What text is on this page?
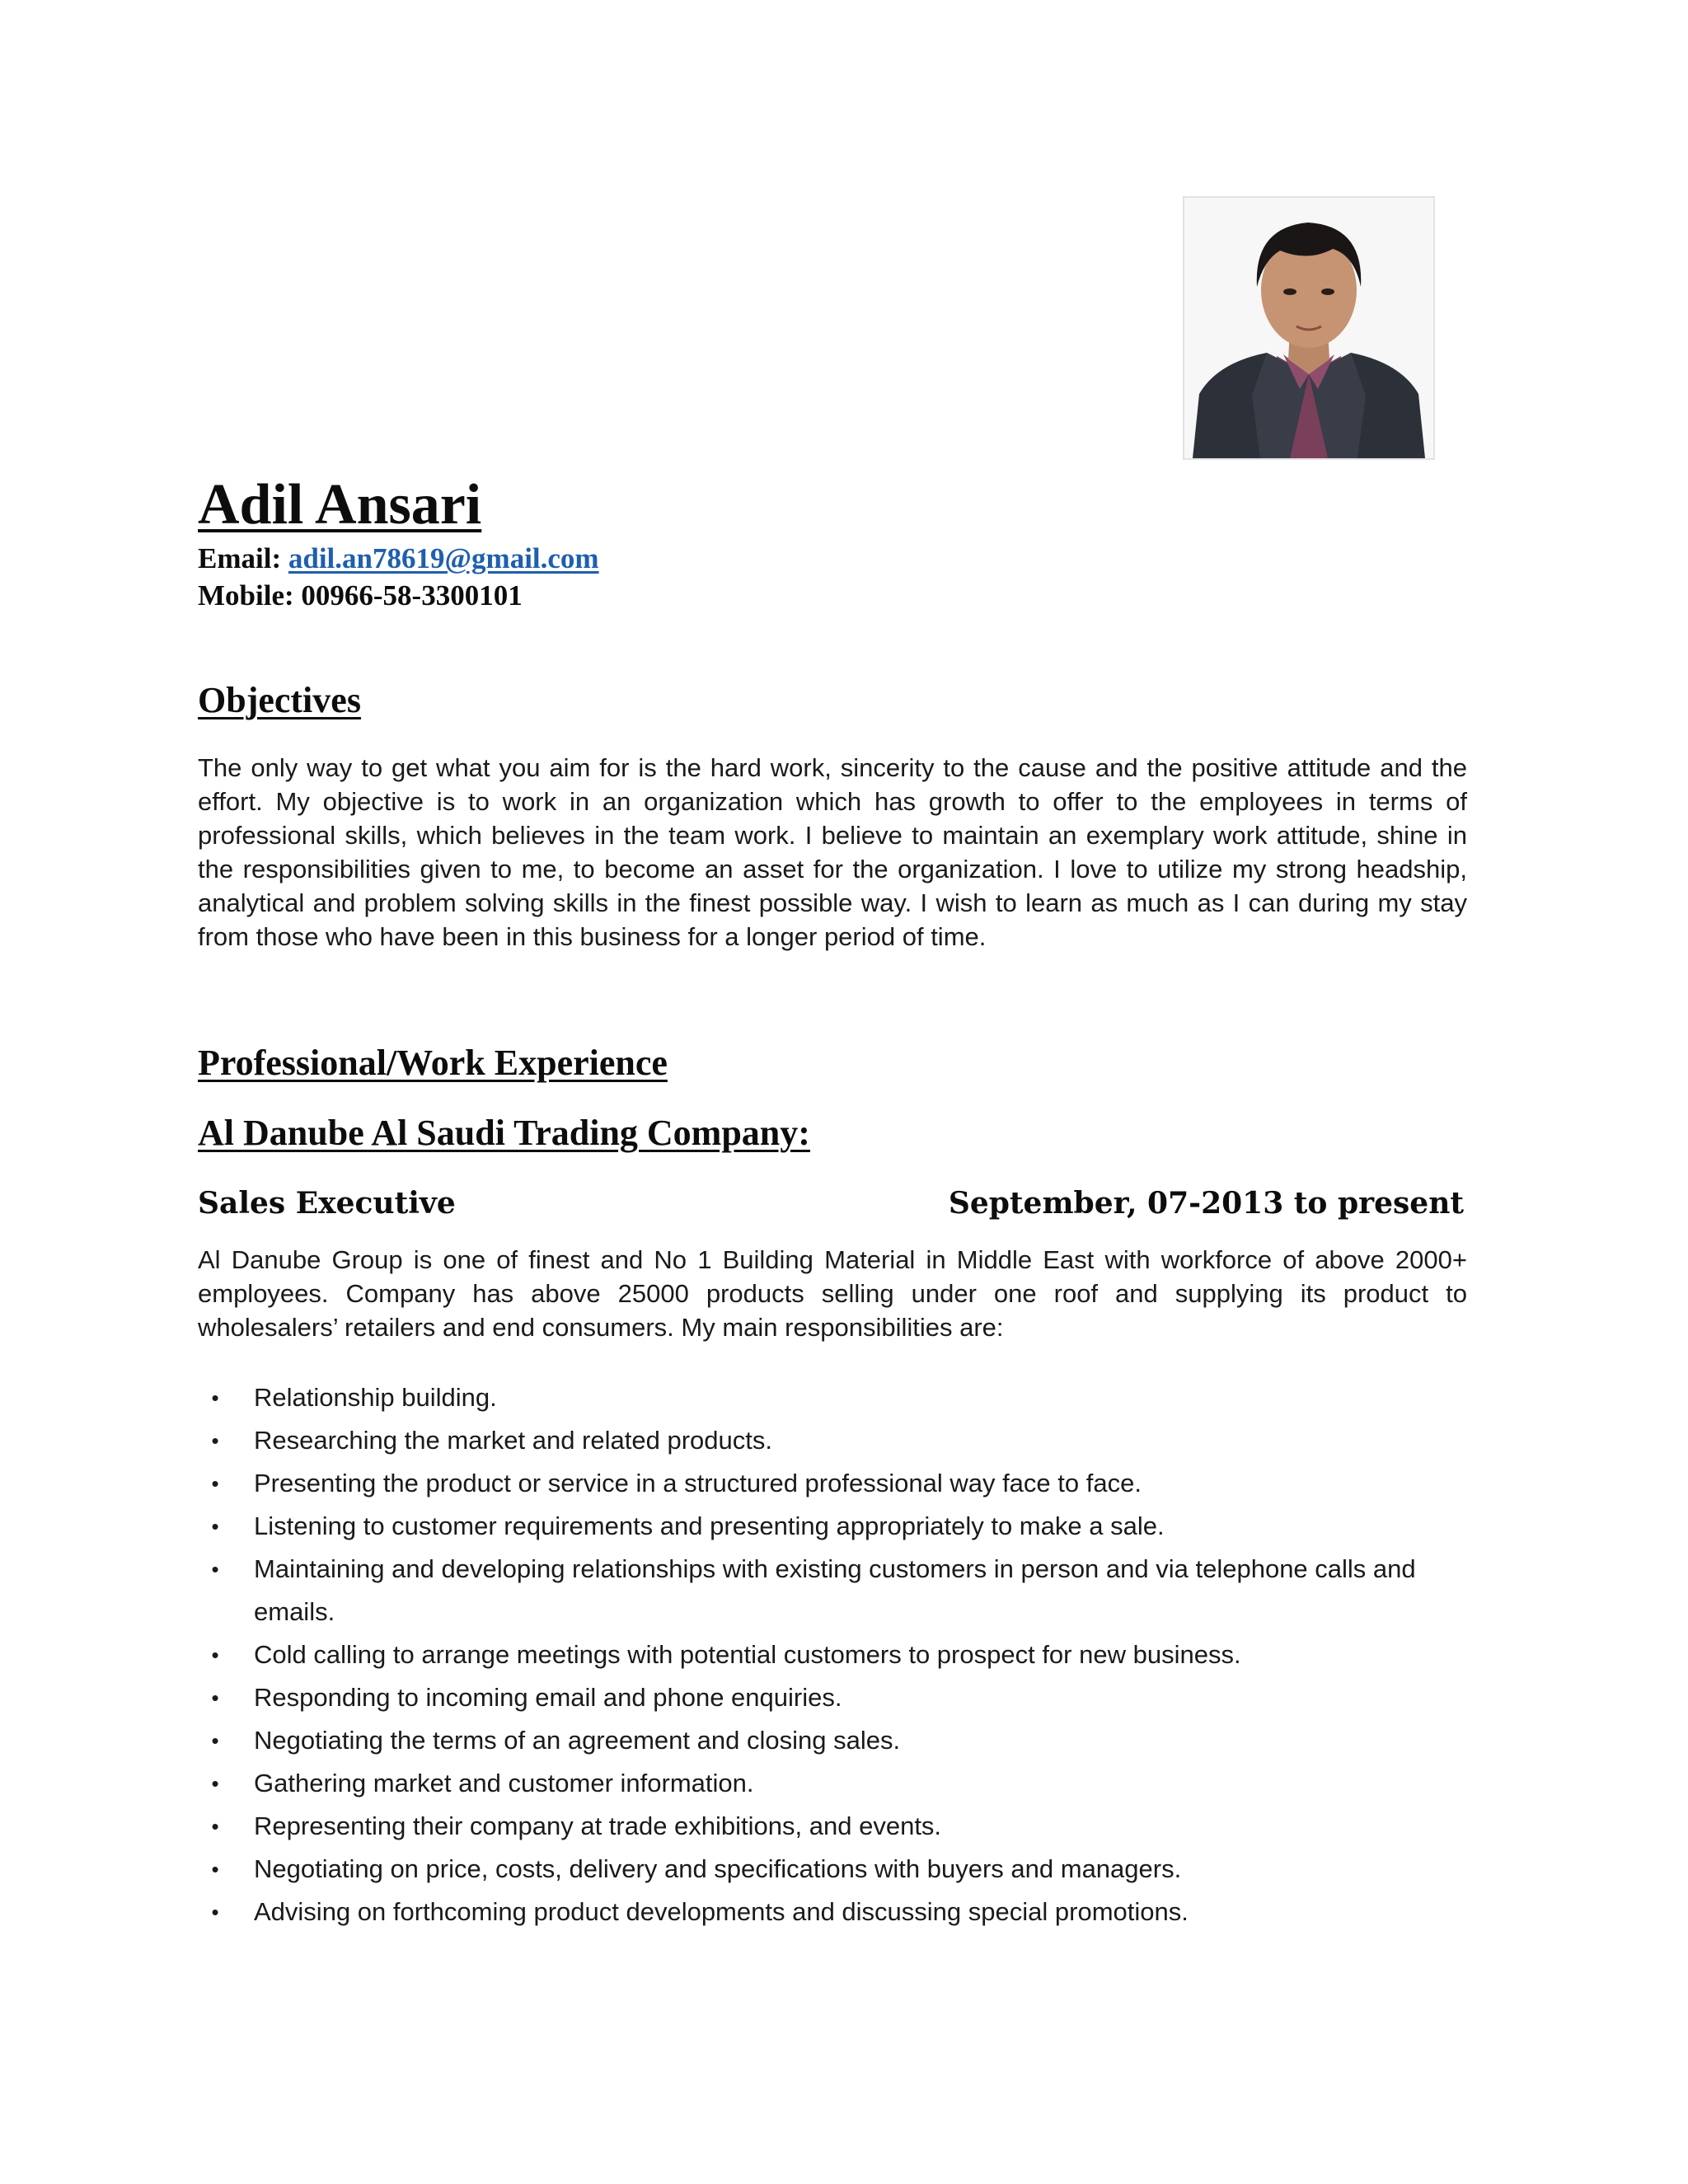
Adil Ansari
Email: adil.an78619@gmail.com
Mobile: 00966-58-3300101
Objectives

The only way to get what you aim for is the hard work, sincerity to the cause and the positive attitude and the effort. My objective is to work in an organization which has growth to offer to the employees in terms of professional skills, which believes in the team work. I believe to maintain an exemplary work attitude, shine in the responsibilities given to me, to become an asset for the organization. I love to utilize my strong headship, analytical and problem solving skills in the finest possible way. I wish to learn as much as I can during my stay from those who have been in this business for a longer period of time.

Professional/Work Experience
Al Danube Al Saudi Trading Company:
Sales Executive	September, 07-2013 to present

Al Danube Group is one of finest and No 1 Building Material in Middle East with workforce of above 2000+ employees. Company has above 25000 products selling under one roof and supplying its product to wholesalers’ retailers and end consumers. My main responsibilities are:

•	Relationship building.
•	Researching the market and related products.
•	Presenting the product or service in a structured professional way face to face.
•	Listening to customer requirements and presenting appropriately to make a sale.
•	Maintaining and developing relationships with existing customers in person and via telephone calls and emails.
•	Cold calling to arrange meetings with potential customers to prospect for new business.
•	Responding to incoming email and phone enquiries.
•	Negotiating the terms of an agreement and closing sales.
•	Gathering market and customer information.
•	Representing their company at trade exhibitions, and events.
•	Negotiating on price, costs, delivery and specifications with buyers and managers.
•	Advising on forthcoming product developments and discussing special promotions.
